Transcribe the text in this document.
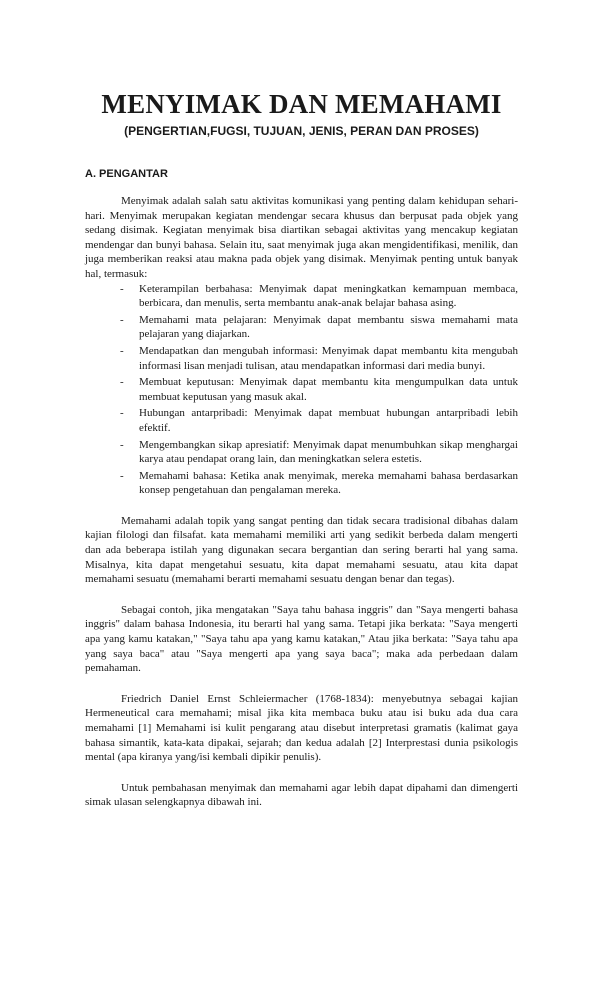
MENYIMAK DAN MEMAHAMI
(PENGERTIAN,FUGSI, TUJUAN, JENIS, PERAN DAN PROSES)
A. PENGANTAR

Menyimak adalah salah satu aktivitas komunikasi yang penting dalam kehidupan sehari-hari. Menyimak merupakan kegiatan mendengar secara khusus dan berpusat pada objek yang sedang disimak. Kegiatan menyimak bisa diartikan sebagai aktivitas yang mencakup kegiatan mendengar dan bunyi bahasa. Selain itu, saat menyimak juga akan mengidentifikasi, menilik, dan juga memberikan reaksi atau makna pada objek yang disimak. Menyimak penting untuk banyak hal, termasuk:

- Keterampilan berbahasa: Menyimak dapat meningkatkan kemampuan membaca, berbicara, dan menulis, serta membantu anak-anak belajar bahasa asing.
- Memahami mata pelajaran: Menyimak dapat membantu siswa memahami mata pelajaran yang diajarkan.
- Mendapatkan dan mengubah informasi: Menyimak dapat membantu kita mengubah informasi lisan menjadi tulisan, atau mendapatkan informasi dari media bunyi.
- Membuat keputusan: Menyimak dapat membantu kita mengumpulkan data untuk membuat keputusan yang masuk akal.
- Hubungan antarpribadi: Menyimak dapat membuat hubungan antarpribadi lebih efektif.
- Mengembangkan sikap apresiatif: Menyimak dapat menumbuhkan sikap menghargai karya atau pendapat orang lain, dan meningkatkan selera estetis.
- Memahami bahasa: Ketika anak menyimak, mereka memahami bahasa berdasarkan konsep pengetahuan dan pengalaman mereka.

Memahami adalah topik yang sangat penting dan tidak secara tradisional dibahas dalam kajian filologi dan filsafat. kata memahami memiliki arti yang sedikit berbeda dalam mengerti dan ada beberapa istilah yang digunakan secara bergantian dan sering berarti hal yang sama. Misalnya, kita dapat mengetahui sesuatu, kita dapat memahami sesuatu, atau kita dapat memahami sesuatu (memahami berarti memahami sesuatu dengan benar dan tegas).

Sebagai contoh, jika mengatakan "Saya tahu bahasa inggris" dan "Saya mengerti bahasa inggris" dalam bahasa Indonesia, itu berarti hal yang sama. Tetapi jika berkata: "Saya mengerti apa yang kamu katakan," "Saya tahu apa yang kamu katakan," Atau jika berkata: "Saya tahu apa yang saya baca" atau "Saya mengerti apa yang saya baca"; maka ada perbedaan dalam pemahaman.

Friedrich Daniel Ernst Schleiermacher (1768-1834): menyebutnya sebagai kajian Hermeneutical cara memahami; misal jika kita membaca buku atau isi buku ada dua cara memahami [1] Memahami isi kulit pengarang atau disebut interpretasi gramatis (kalimat gaya bahasa simantik, kata-kata dipakai, sejarah; dan kedua adalah [2] Interprestasi dunia psikologis mental (apa kiranya yang/isi kembali dipikir penulis).

Untuk pembahasan menyimak dan memahami agar lebih dapat dipahami dan dimengerti simak ulasan selengkapnya dibawah ini.
